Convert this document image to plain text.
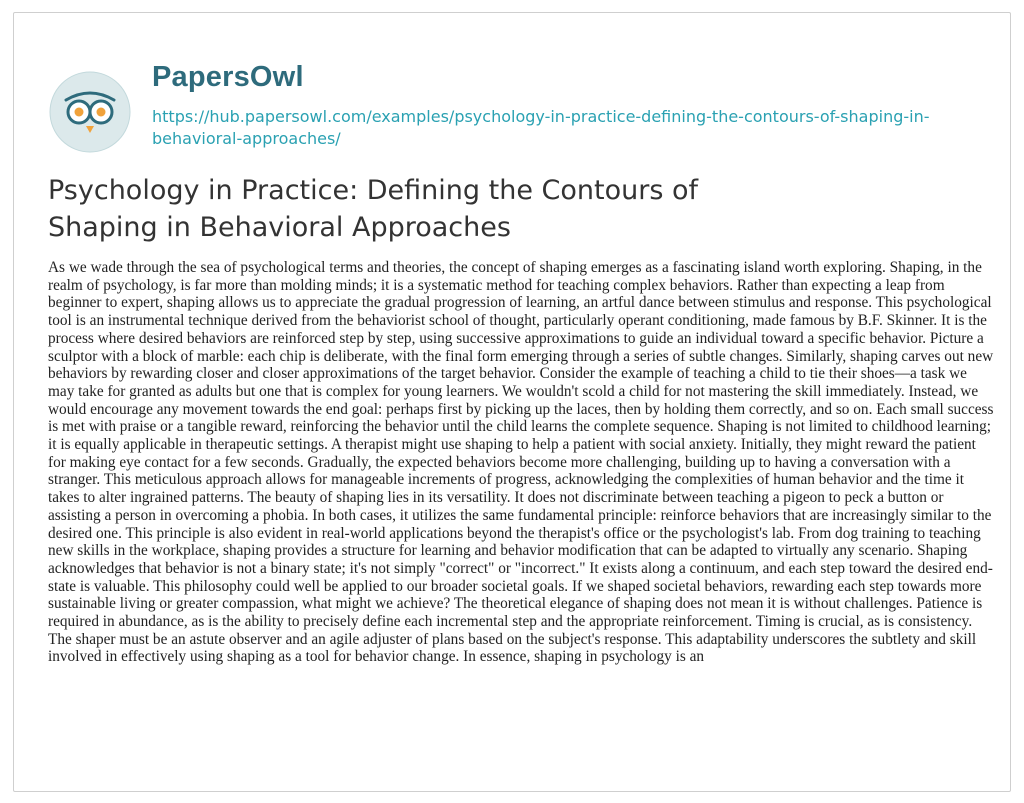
PapersOwl
https://hub.papersowl.com/examples/psychology-in-practice-defining-the-contours-of-shaping-in-behavioral-approaches/
Psychology in Practice: Defining the Contours of Shaping in Behavioral Approaches

As we wade through the sea of psychological terms and theories, the concept of shaping emerges as a fascinating island worth exploring. Shaping, in the realm of psychology, is far more than molding minds; it is a systematic method for teaching complex behaviors. Rather than expecting a leap from beginner to expert, shaping allows us to appreciate the gradual progression of learning, an artful dance between stimulus and response. This psychological tool is an instrumental technique derived from the behaviorist school of thought, particularly operant conditioning, made famous by B.F. Skinner. It is the process where desired behaviors are reinforced step by step, using successive approximations to guide an individual toward a specific behavior. Picture a sculptor with a block of marble: each chip is deliberate, with the final form emerging through a series of subtle changes. Similarly, shaping carves out new behaviors by rewarding closer and closer approximations of the target behavior. Consider the example of teaching a child to tie their shoes—a task we may take for granted as adults but one that is complex for young learners. We wouldn't scold a child for not mastering the skill immediately. Instead, we would encourage any movement towards the end goal: perhaps first by picking up the laces, then by holding them correctly, and so on. Each small success is met with praise or a tangible reward, reinforcing the behavior until the child learns the complete sequence. Shaping is not limited to childhood learning; it is equally applicable in therapeutic settings. A therapist might use shaping to help a patient with social anxiety. Initially, they might reward the patient for making eye contact for a few seconds. Gradually, the expected behaviors become more challenging, building up to having a conversation with a stranger. This meticulous approach allows for manageable increments of progress, acknowledging the complexities of human behavior and the time it takes to alter ingrained patterns. The beauty of shaping lies in its versatility. It does not discriminate between teaching a pigeon to peck a button or assisting a person in overcoming a phobia. In both cases, it utilizes the same fundamental principle: reinforce behaviors that are increasingly similar to the desired one. This principle is also evident in real-world applications beyond the therapist's office or the psychologist's lab. From dog training to teaching new skills in the workplace, shaping provides a structure for learning and behavior modification that can be adapted to virtually any scenario. Shaping acknowledges that behavior is not a binary state; it's not simply "correct" or "incorrect." It exists along a continuum, and each step toward the desired end-state is valuable. This philosophy could well be applied to our broader societal goals. If we shaped societal behaviors, rewarding each step towards more sustainable living or greater compassion, what might we achieve? The theoretical elegance of shaping does not mean it is without challenges. Patience is required in abundance, as is the ability to precisely define each incremental step and the appropriate reinforcement. Timing is crucial, as is consistency. The shaper must be an astute observer and an agile adjuster of plans based on the subject's response. This adaptability underscores the subtlety and skill involved in effectively using shaping as a tool for behavior change. In essence, shaping in psychology is an
